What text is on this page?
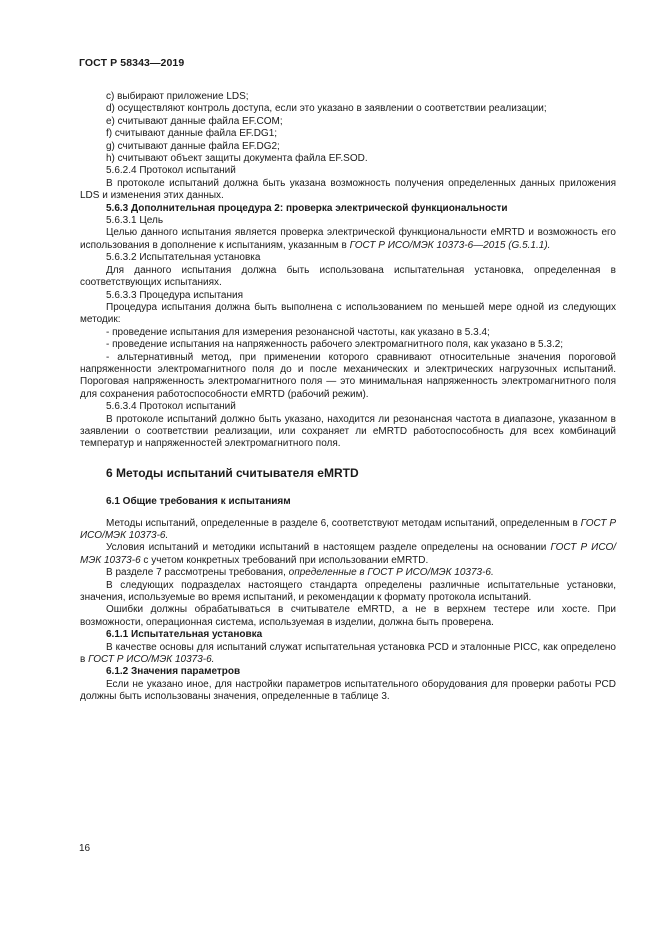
ГОСТ Р 58343—2019

c) выбирают приложение LDS;

d) осуществляют контроль доступа, если это указано в заявлении о соответствии реализации;

e) считывают данные файла EF.COM;

f) считывают данные файла EF.DG1;

g) считывают данные файла EF.DG2;

h) считывают объект защиты документа файла EF.SOD.

5.6.2.4 Протокол испытаний

В протоколе испытаний должна быть указана возможность получения определенных данных приложения LDS и изменения этих данных.

5.6.3 Дополнительная процедура 2: проверка электрической функциональности

5.6.3.1 Цель

Целью данного испытания является проверка электрической функциональности eMRTD и возможность его использования в дополнение к испытаниям, указанным в ГОСТ Р ИСО/МЭК 10373-6—2015 (G.5.1.1).

5.6.3.2 Испытательная установка

Для данного испытания должна быть использована испытательная установка, определенная в соответствующих испытаниях.

5.6.3.3 Процедура испытания

Процедура испытания должна быть выполнена с использованием по меньшей мере одной из следующих методик:

- проведение испытания для измерения резонансной частоты, как указано в 5.3.4;

- проведение испытания на напряженность рабочего электромагнитного поля, как указано в 5.3.2;

- альтернативный метод, при применении которого сравнивают относительные значения пороговой напряженности электромагнитного поля до и после механических и электрических нагрузочных испытаний. Пороговая напряженность электромагнитного поля — это минимальная напряженность электромагнитного поля для сохранения работоспособности eMRTD (рабочий режим).

5.6.3.4 Протокол испытаний

В протоколе испытаний должно быть указано, находится ли резонансная частота в диапазоне, указанном в заявлении о соответствии реализации, или сохраняет ли eMRTD работоспособность для всех комбинаций температур и напряженностей электромагнитного поля.

6 Методы испытаний считывателя eMRTD

6.1 Общие требования к испытаниям

Методы испытаний, определенные в разделе 6, соответствуют методам испытаний, определенным в ГОСТ Р ИСО/МЭК 10373-6.

Условия испытаний и методики испытаний в настоящем разделе определены на основании ГОСТ Р ИСО/МЭК 10373-6 с учетом конкретных требований при использовании eMRTD.

В разделе 7 рассмотрены требования, определенные в ГОСТ Р ИСО/МЭК 10373-6.

В следующих подразделах настоящего стандарта определены различные испытательные установки, значения, используемые во время испытаний, и рекомендации к формату протокола испытаний.

Ошибки должны обрабатываться в считывателе eMRTD, а не в верхнем тестере или хосте. При возможности, операционная система, используемая в изделии, должна быть проверена.

6.1.1 Испытательная установка

В качестве основы для испытаний служат испытательная установка PCD и эталонные PICC, как определено в ГОСТ Р ИСО/МЭК 10373-6.

6.1.2 Значения параметров

Если не указано иное, для настройки параметров испытательного оборудования для проверки работы PCD должны быть использованы значения, определенные в таблице 3.

16
